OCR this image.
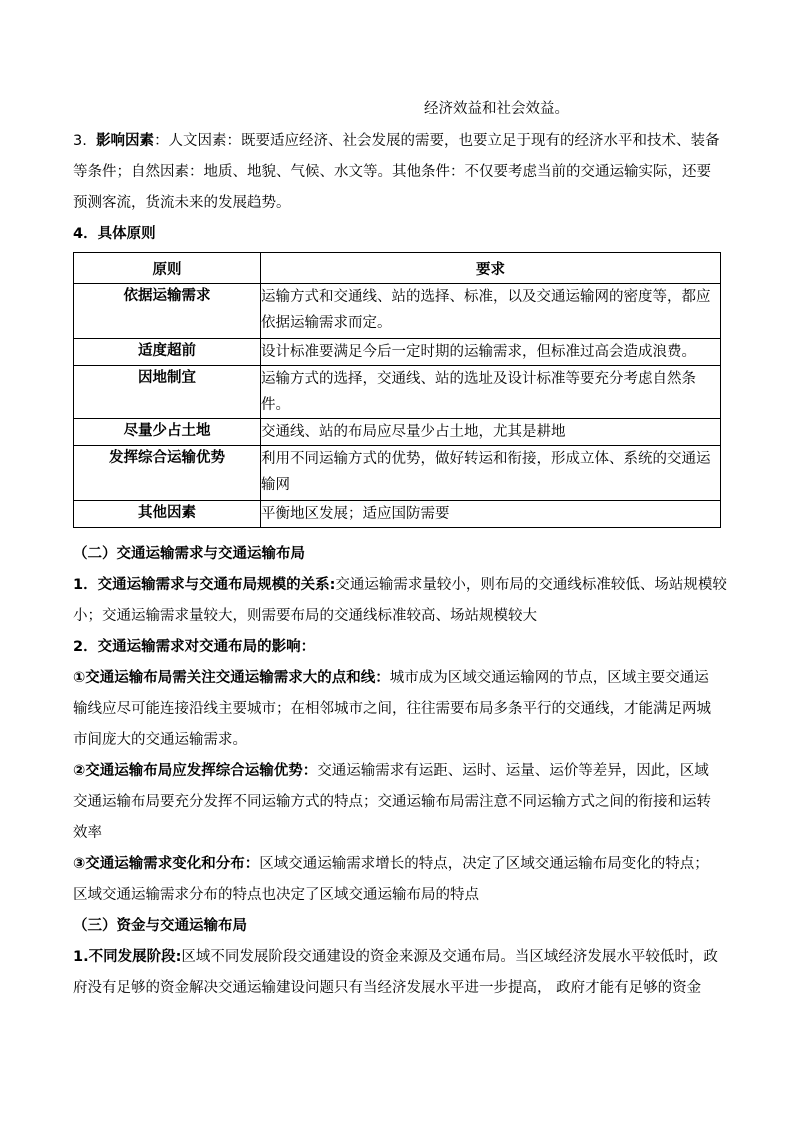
经济效益和社会效益。
3. 影响因素：人文因素：既要适应经济、社会发展的需要，也要立足于现有的经济水平和技术、装备
等条件；自然因素：地质、地貌、气候、水文等。其他条件：不仅要考虑当前的交通运输实际，还要
预测客流，货流未来的发展趋势。
4．具体原则
原则	要求
依据运输需求	运输方式和交通线、站的选择、标准，以及交通运输网的密度等，都应
依据运输需求而定。

适度超前	设计标准要满足今后一定时期的运输需求，但标准过高会造成浪费。

因地制宜	运输方式的选择，交通线、站的选址及设计标准等要充分考虑自然条件。

尽量少占土地	交通线、站的布局应尽量少占土地，尤其是耕地

发挥综合运输优势	利用不同运输方式的优势，做好转运和衔接，形成立体、系统的交通运
输网

其他因素	平衡地区发展；适应国防需要
（二）交通运输需求与交通运输布局
1．交通运输需求与交通布局规模的关系:交通运输需求量较小，则布局的交通线标准较低、场站规模较
小；交通运输需求量较大，则需要布局的交通线标准较高、场站规模较大
2．交通运输需求对交通布局的影响：
①交通运输布局需关注交通运输需求大的点和线：城市成为区域交通运输网的节点，区域主要交通运
输线应尽可能连接沿线主要城市；在相邻城市之间，往往需要布局多条平行的交通线，才能满足两城
市间庞大的交通运输需求。
②交通运输布局应发挥综合运输优势：交通运输需求有运距、运时、运量、运价等差异，因此，区域
交通运输布局要充分发挥不同运输方式的特点；交通运输布局需注意不同运输方式之间的衔接和运转
效率
③交通运输需求变化和分布：区域交通运输需求增长的特点，决定了区域交通运输布局变化的特点；
区域交通运输需求分布的特点也决定了区域交通运输布局的特点
（三）资金与交通运输布局
1.不同发展阶段:区域不同发展阶段交通建设的资金来源及交通布局。当区域经济发展水平较低时，政
府没有足够的资金解决交通运输建设问题只有当经济发展水平进一步提高， 政府才能有足够的资金
